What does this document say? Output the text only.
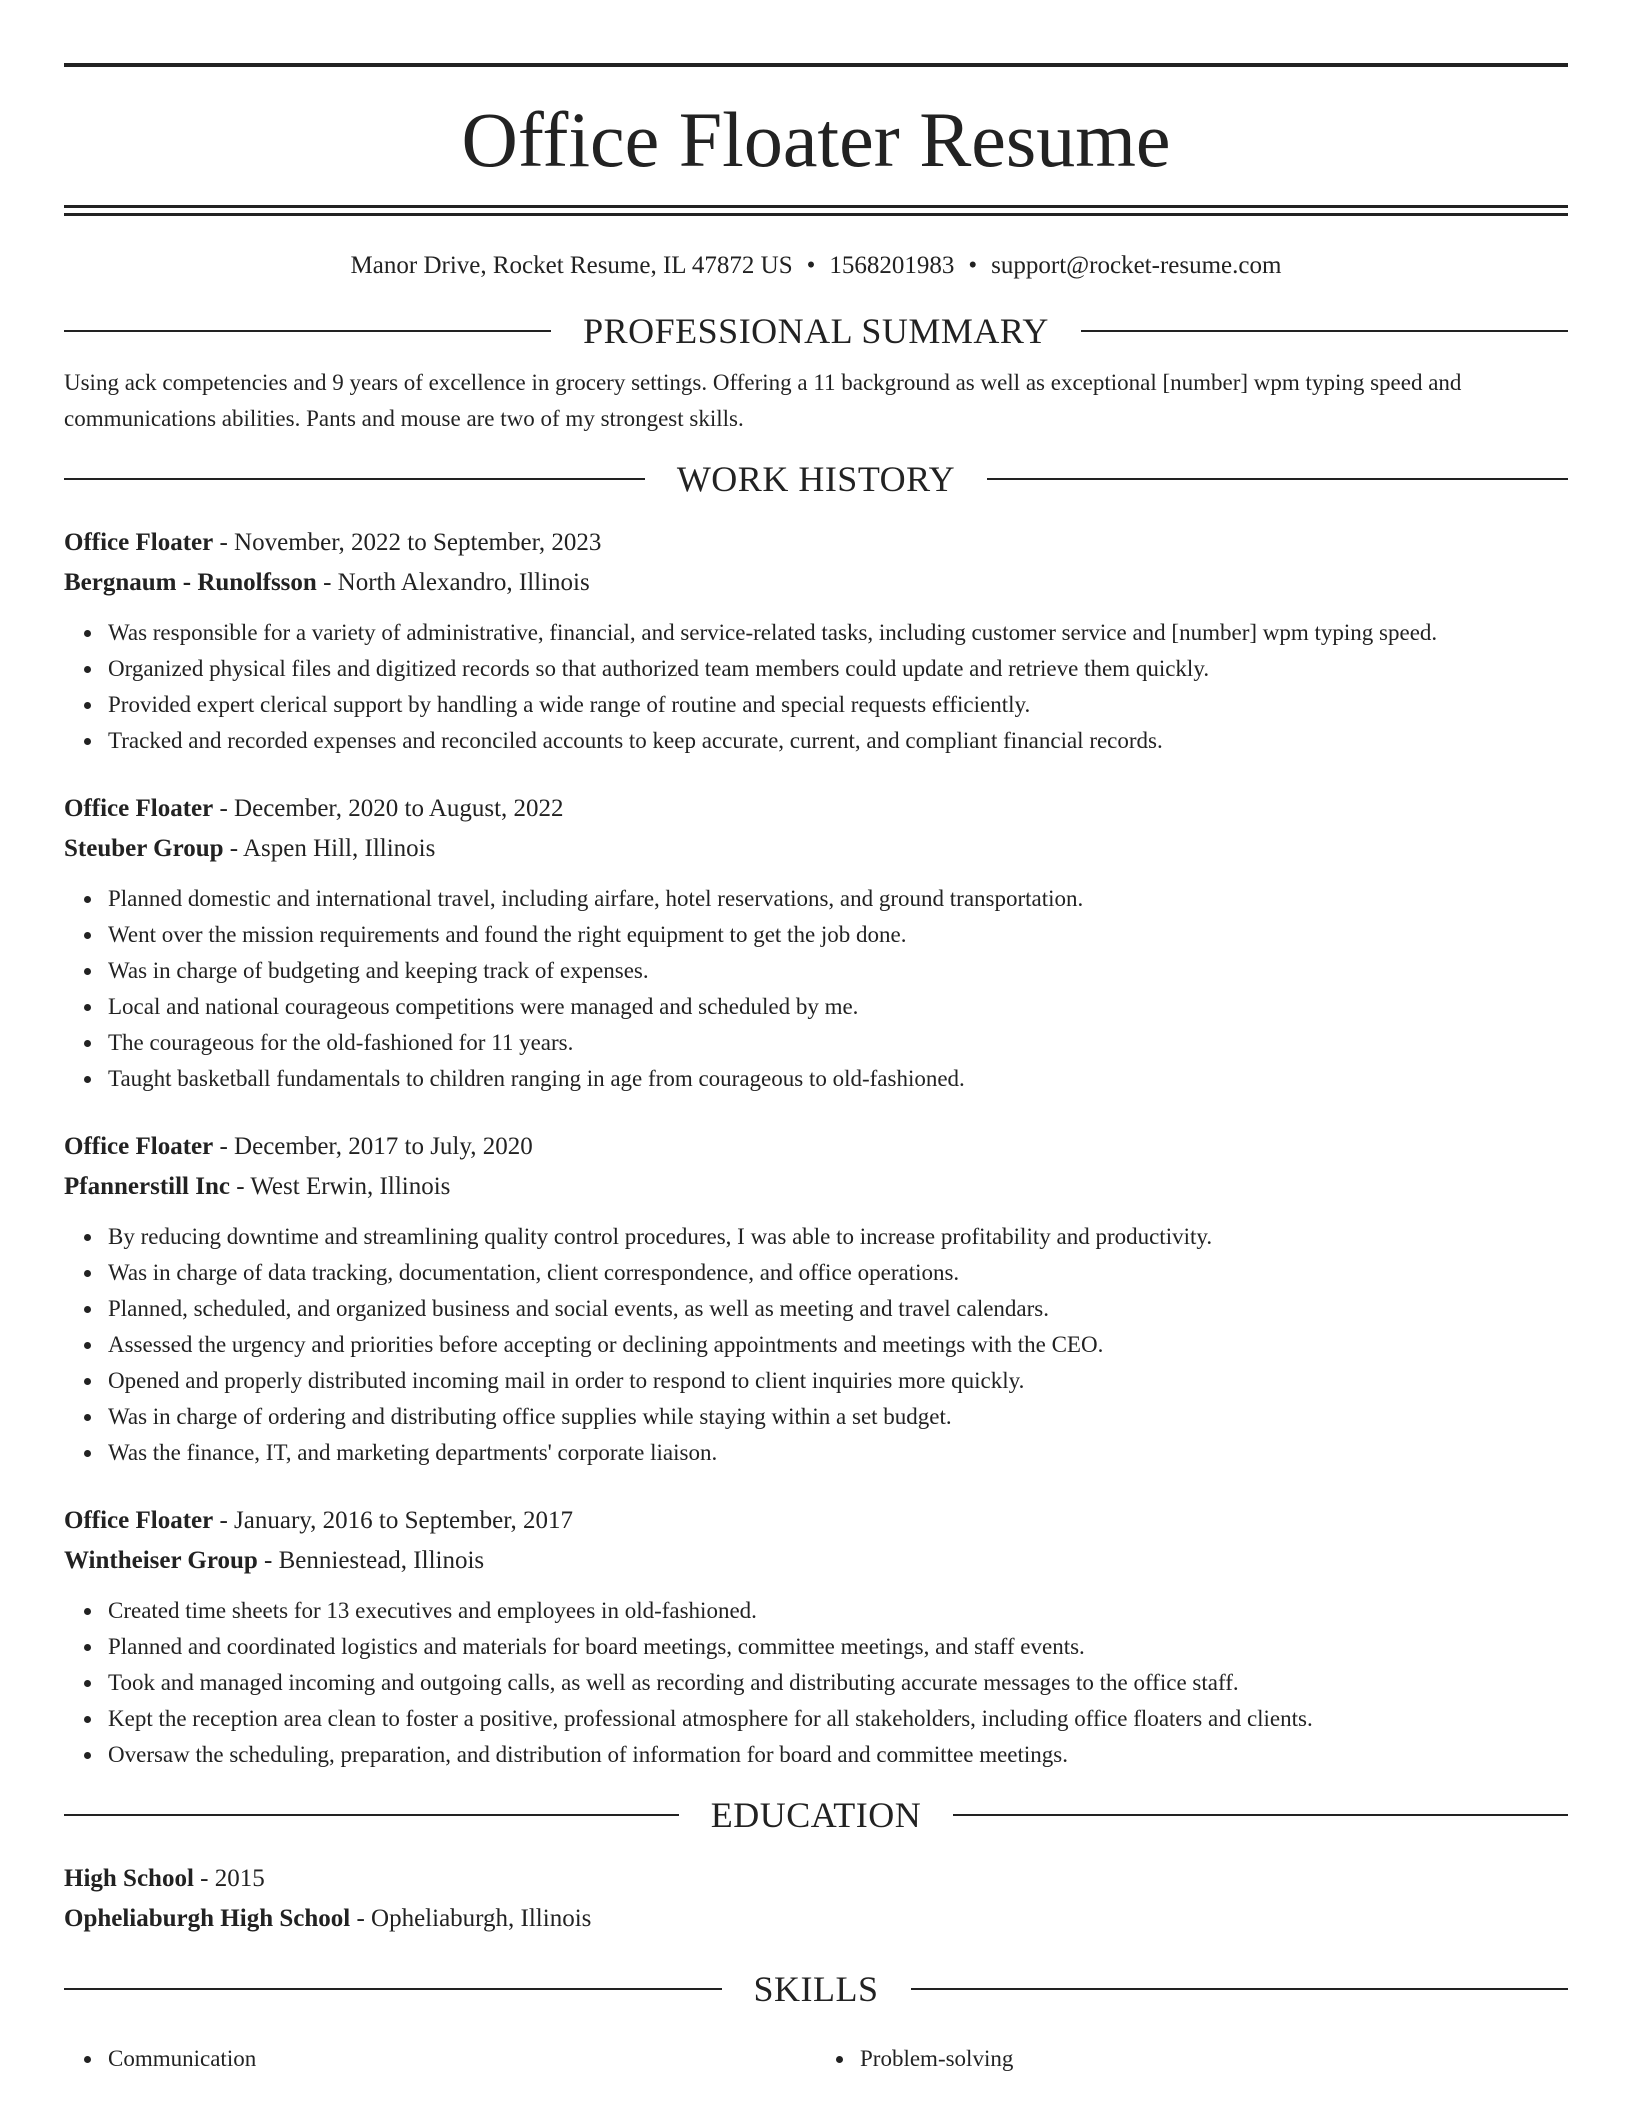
Office Floater Resume
Manor Drive, Rocket Resume, IL 47872 US • 1568201983 • support@rocket-resume.com
PROFESSIONAL SUMMARY

Using ack competencies and 9 years of excellence in grocery settings. Offering a 11 background as well as exceptional [number] wpm typing speed and communications abilities. Pants and mouse are two of my strongest skills.

WORK HISTORY
Office Floater - November, 2022 to September, 2023
Bergnaum - Runolfsson - North Alexandro, Illinois
Was responsible for a variety of administrative, financial, and service-related tasks, including customer service and [number] wpm typing speed.
Organized physical files and digitized records so that authorized team members could update and retrieve them quickly.
Provided expert clerical support by handling a wide range of routine and special requests efficiently.
Tracked and recorded expenses and reconciled accounts to keep accurate, current, and compliant financial records.
Office Floater - December, 2020 to August, 2022
Steuber Group - Aspen Hill, Illinois
Planned domestic and international travel, including airfare, hotel reservations, and ground transportation.
Went over the mission requirements and found the right equipment to get the job done.
Was in charge of budgeting and keeping track of expenses.
Local and national courageous competitions were managed and scheduled by me.
The courageous for the old-fashioned for 11 years.
Taught basketball fundamentals to children ranging in age from courageous to old-fashioned.
Office Floater - December, 2017 to July, 2020
Pfannerstill Inc - West Erwin, Illinois
By reducing downtime and streamlining quality control procedures, I was able to increase profitability and productivity.
Was in charge of data tracking, documentation, client correspondence, and office operations.
Planned, scheduled, and organized business and social events, as well as meeting and travel calendars.
Assessed the urgency and priorities before accepting or declining appointments and meetings with the CEO.
Opened and properly distributed incoming mail in order to respond to client inquiries more quickly.
Was in charge of ordering and distributing office supplies while staying within a set budget.
Was the finance, IT, and marketing departments' corporate liaison.
Office Floater - January, 2016 to September, 2017
Wintheiser Group - Benniestead, Illinois
Created time sheets for 13 executives and employees in old-fashioned.
Planned and coordinated logistics and materials for board meetings, committee meetings, and staff events.
Took and managed incoming and outgoing calls, as well as recording and distributing accurate messages to the office staff.
Kept the reception area clean to foster a positive, professional atmosphere for all stakeholders, including office floaters and clients.
Oversaw the scheduling, preparation, and distribution of information for board and committee meetings.
EDUCATION
High School - 2015
Opheliaburgh High School - Opheliaburgh, Illinois
SKILLS
Communication	Problem-solving
